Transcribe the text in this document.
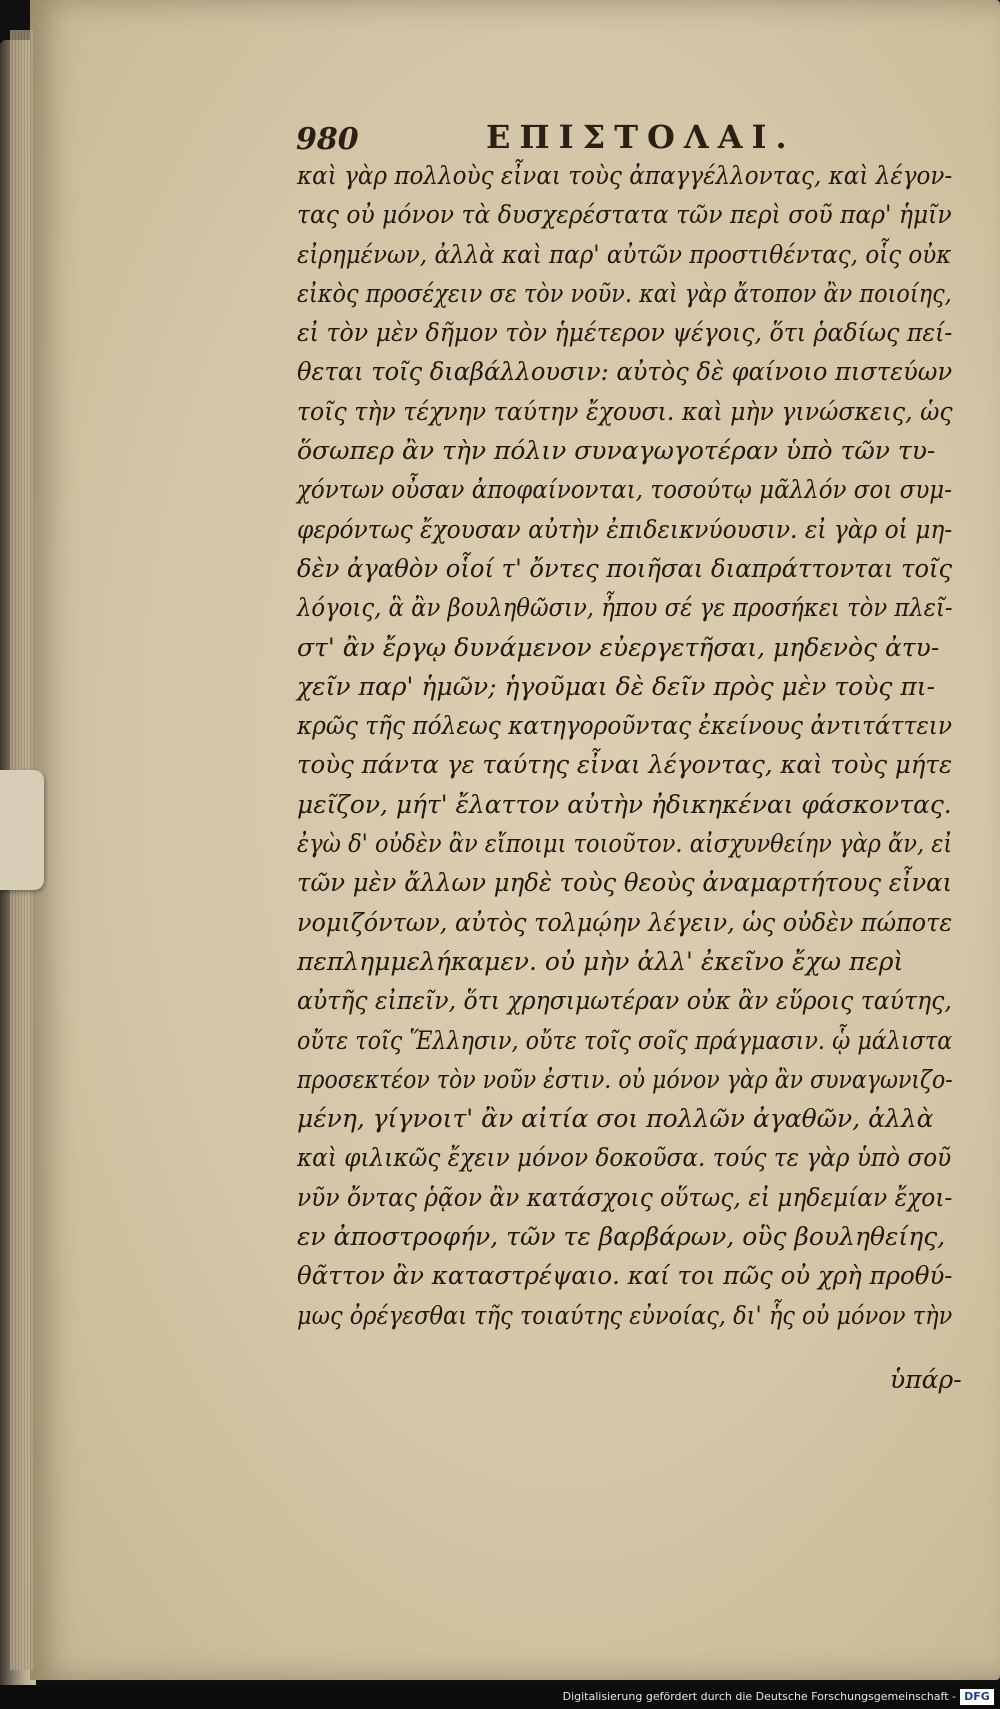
980	ΕΠΙΣΤΟΛΑΙ.
καὶ γὰρ πολλοὺς εἶναι τοὺς ἀπαγγέλλοντας, καὶ λέγον-
τας οὐ μόνον τὰ δυσχερέστατα τῶν περὶ σοῦ παρ' ἡμῖν
εἰρημένων, ἀλλὰ καὶ παρ' αὐτῶν προστιθέντας, οἷς οὐκ
εἰκὸς προσέχειν σε τὸν νοῦν. καὶ γὰρ ἄτοπον ἂν ποιοίης,
εἰ τὸν μὲν δῆμον τὸν ἡμέτερον ψέγοις, ὅτι ῥαδίως πεί-
θεται τοῖς διαβάλλουσιν: αὐτὸς δὲ φαίνοιο πιστεύων
τοῖς τὴν τέχνην ταύτην ἔχουσι. καὶ μὴν γινώσκεις, ὡς
ὅσωπερ ἂν τὴν πόλιν συναγωγοτέραν ὑπὸ τῶν τυ-
χόντων οὖσαν ἀποφαίνονται, τοσούτῳ μᾶλλόν σοι συμ-
φερόντως ἔχουσαν αὐτὴν ἐπιδεικνύουσιν. εἰ γὰρ οἱ μη-
δὲν ἀγαθὸν οἷοί τ' ὄντες ποιῆσαι διαπράττονται τοῖς
λόγοις, ἃ ἂν βουληθῶσιν, ἦπου σέ γε προσήκει τὸν πλεῖ-
στ' ἂν ἔργῳ δυνάμενον εὐεργετῆσαι, μηδενὸς ἀτυ-
χεῖν παρ' ἡμῶν; ἡγοῦμαι δὲ δεῖν πρὸς μὲν τοὺς πι-
κρῶς τῆς πόλεως κατηγοροῦντας ἐκείνους ἀντιτάττειν
τοὺς πάντα γε ταύτης εἶναι λέγοντας, καὶ τοὺς μήτε
μεῖζον, μήτ' ἔλαττον αὐτὴν ἠδικηκέναι φάσκοντας.
ἐγὼ δ' οὐδὲν ἂν εἴποιμι τοιοῦτον. αἰσχυνθείην γὰρ ἄν, εἰ
τῶν μὲν ἄλλων μηδὲ τοὺς θεοὺς ἀναμαρτήτους εἶναι
νομιζόντων, αὐτὸς τολμῴην λέγειν, ὡς οὐδὲν πώποτε
πεπλημμελήκαμεν. οὐ μὴν ἀλλ' ἐκεῖνο ἔχω περὶ
αὐτῆς εἰπεῖν, ὅτι χρησιμωτέραν οὐκ ἂν εὕροις ταύτης,
οὔτε τοῖς Ἕλλησιν, οὔτε τοῖς σοῖς πράγμασιν. ᾧ μάλιστα
προσεκτέον τὸν νοῦν ἐστιν. οὐ μόνον γὰρ ἂν συναγωνιζο-
μένη, γίγνοιτ' ἂν αἰτία σοι πολλῶν ἀγαθῶν, ἀλλὰ
καὶ φιλικῶς ἔχειν μόνον δοκοῦσα. τούς τε γὰρ ὑπὸ σοῦ
νῦν ὄντας ῥᾷον ἂν κατάσχοις οὕτως, εἰ μηδεμίαν ἔχοι-
εν ἀποστροφήν, τῶν τε βαρβάρων, οὓς βουληθείης,
θᾶττον ἂν καταστρέψαιο. καί τοι πῶς οὐ χρὴ προθύ-
μως ὀρέγεσθαι τῆς τοιαύτης εὐνοίας, δι' ἧς οὐ μόνον τὴν
ὑπάρ-
Digitalisierung gefördert durch die Deutsche Forschungsgemeinschaft - DFG
